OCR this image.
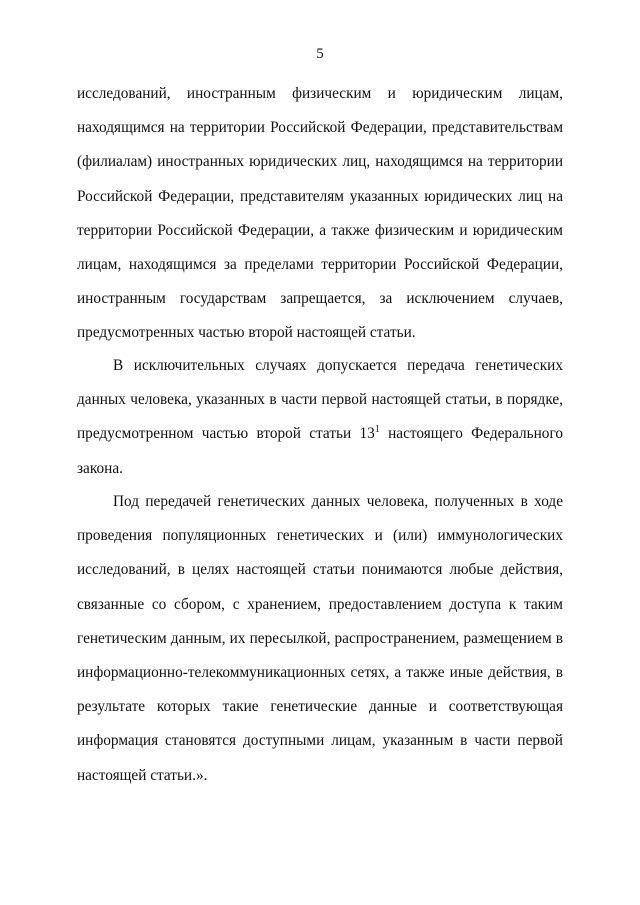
5
исследований, иностранным физическим и юридическим лицам,
находящимся на территории Российской Федерации, представительствам
(филиалам) иностранных юридических лиц, находящимся на территории
Российской Федерации, представителям указанных юридических лиц на
территории Российской Федерации, а также физическим и юридическим
лицам, находящимся за пределами территории Российской Федерации,
иностранным государствам запрещается, за исключением случаев,
предусмотренных частью второй настоящей статьи.
В исключительных случаях допускается передача генетических
данных человека, указанных в части первой настоящей статьи, в порядке,
предусмотренном частью второй статьи $13^1$ настоящего Федерального
закона.
Под передачей генетических данных человека, полученных в ходе
проведения популяционных генетических и (или) иммунологических
исследований, в целях настоящей статьи понимаются любые действия,
связанные со сбором, с хранением, предоставлением доступа к таким
генетическим данным, их пересылкой, распространением, размещением в
информационно-телекоммуникационных сетях, а также иные действия, в
результате которых такие генетические данные и соответствующая
информация становятся доступными лицам, указанным в части первой
настоящей статьи.».
